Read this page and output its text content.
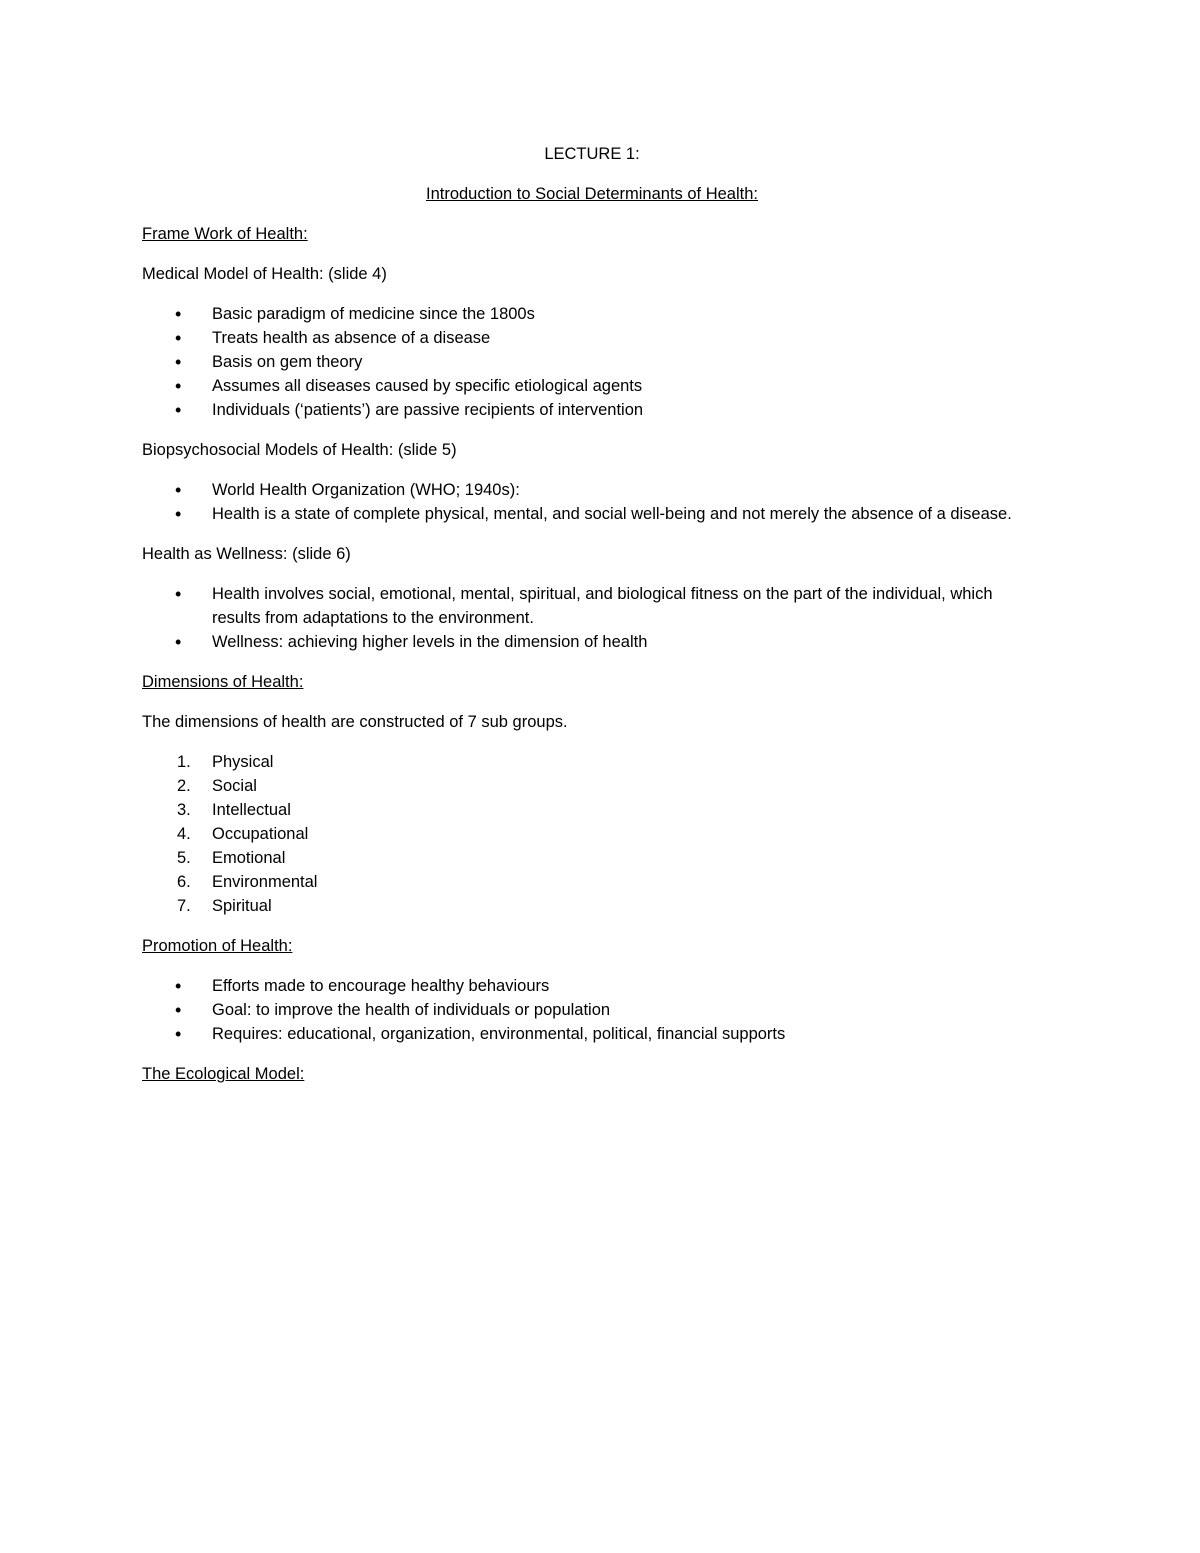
LECTURE 1:
Introduction to Social Determinants of Health:

Frame Work of Health:

Medical Model of Health: (slide 4)

• Basic paradigm of medicine since the 1800s
• Treats health as absence of a disease
• Basis on gem theory
• Assumes all diseases caused by specific etiological agents
• Individuals (‘patients’) are passive recipients of intervention

Biopsychosocial Models of Health: (slide 5)

• World Health Organization (WHO; 1940s):
• Health is a state of complete physical, mental, and social well-being and not merely the absence of a disease.

Health as Wellness: (slide 6)

• Health involves social, emotional, mental, spiritual, and biological fitness on the part of the individual, which results from adaptations to the environment.
• Wellness: achieving higher levels in the dimension of health

Dimensions of Health:

The dimensions of health are constructed of 7 sub groups.

1. Physical
2. Social
3. Intellectual
4. Occupational
5. Emotional
6. Environmental
7. Spiritual

Promotion of Health:

• Efforts made to encourage healthy behaviours
• Goal: to improve the health of individuals or population
• Requires: educational, organization, environmental, political, financial supports

The Ecological Model:
